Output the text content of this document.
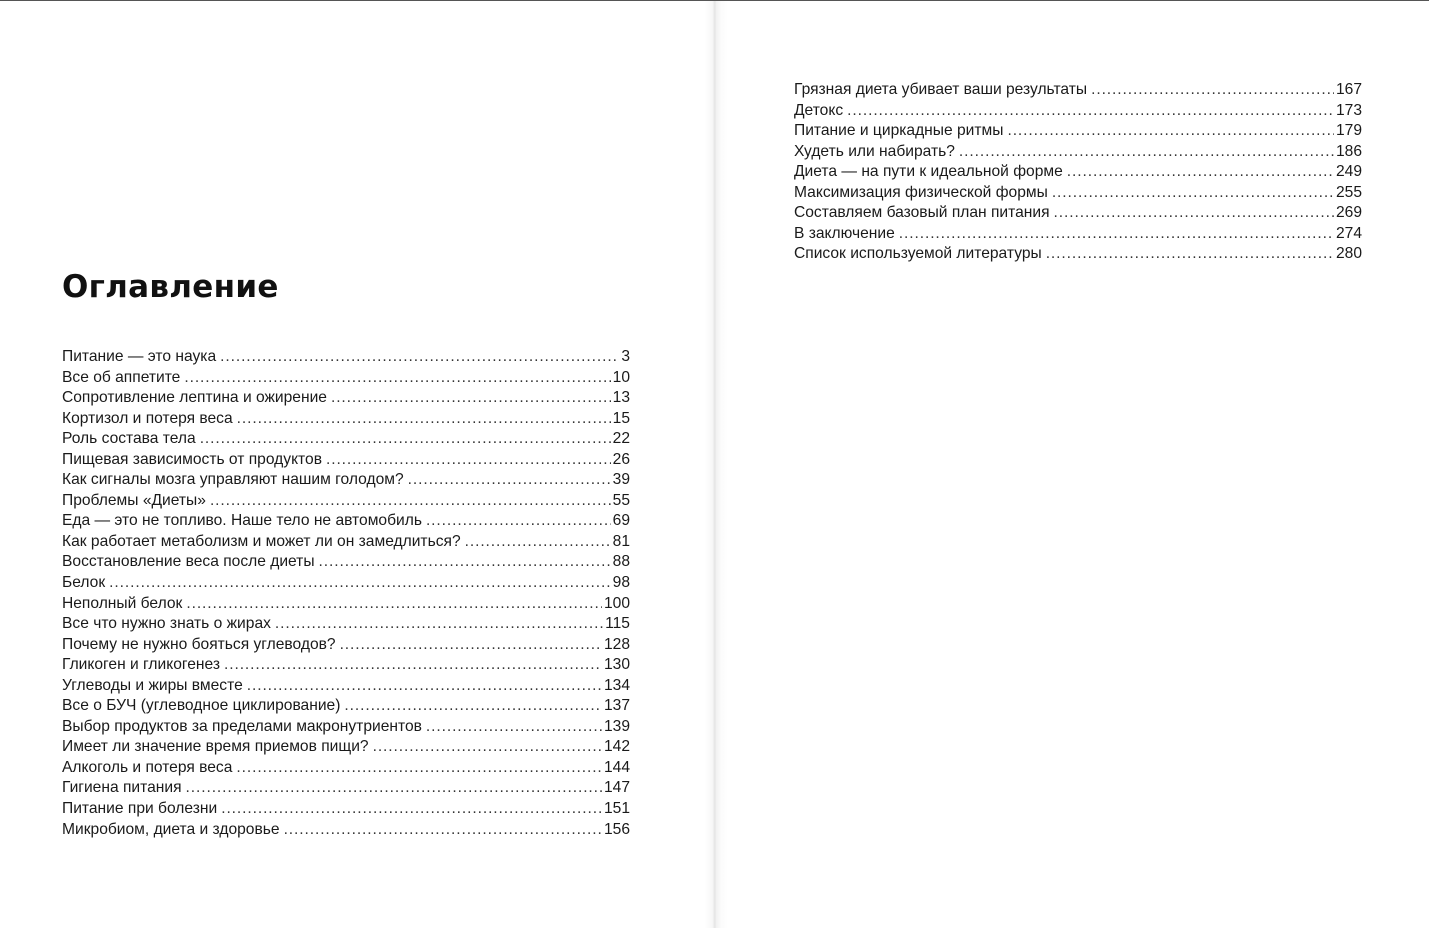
Оглавление
Питание — это наука .....	3
Все об аппетите .....	10
Сопротивление лептина и ожирение .....	13
Кортизол и потеря веса .....	15
Роль состава тела .....	22
Пищевая зависимость от продуктов .....	26
Как сигналы мозга управляют нашим голодом? .....	39
Проблемы «Диеты» .....	55
Еда — это не топливо. Наше тело не автомобиль .....	69
Как работает метаболизм и может ли он замедлиться? .....	81
Восстановление веса после диеты .....	88
Белок .....	98
Неполный белок .....	100
Все что нужно знать о жирах .....	115
Почему не нужно бояться углеводов? .....	128
Гликоген и гликогенез .....	130
Углеводы и жиры вместе .....	134
Все о БУЧ (углеводное циклирование) .....	137
Выбор продуктов за пределами макронутриентов .....	139
Имеет ли значение время приемов пищи? .....	142
Алкоголь и потеря веса .....	144
Гигиена питания .....	147
Питание при болезни .....	151
Микробиом, диета и здоровье .....	156
Грязная диета убивает ваши результаты .....	167
Детокс .....	173
Питание и циркадные ритмы .....	179
Худеть или набирать? .....	186
Диета — на пути к идеальной форме .....	249
Максимизация физической формы .....	255
Составляем базовый план питания .....	269
В заключение .....	274
Список используемой литературы .....	280
